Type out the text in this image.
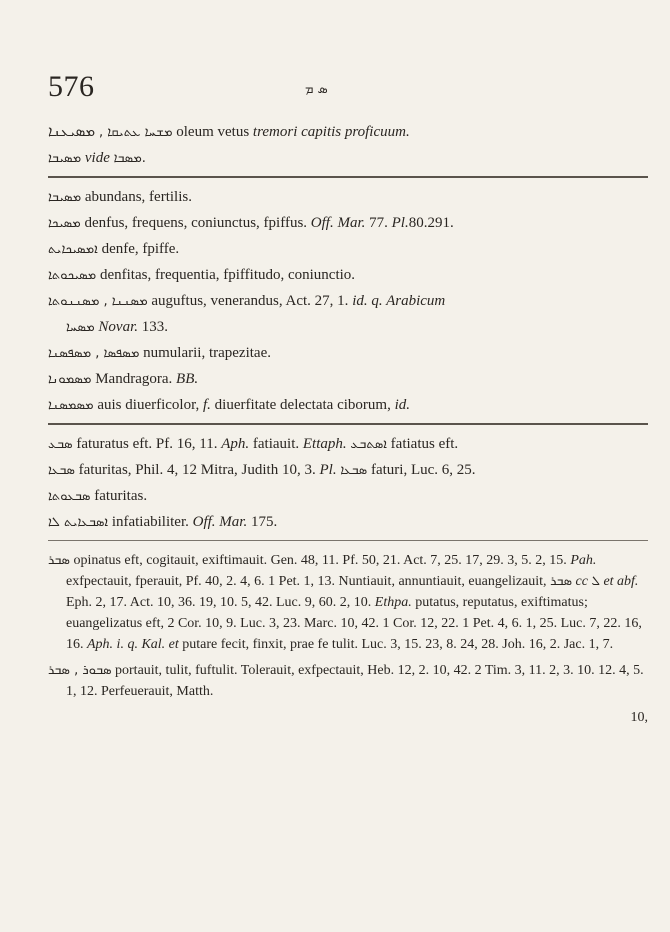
576	ܣ ܡ
ܡܫܚܐ ܥܬܝܩܐ , ܡܣܝܥܢܐ oleum vetus tremori capitis proficuum.
ܡܣܝܒܐ vide ܡܣܒܐ.
ܡܣܝܒܐ abundans, fertilis.
ܡܣܝܟܐ denfus, frequens, coniunctus, fpiffus. Off. Mar. 77. Pl.80.291.
ܐܡܣܝܟܐܝܬ denfe, fpiffe.
ܡܣܝܟܘܬܐ denfitas, frequentia, fpiffitudo, coniunctio.
ܡܣܢܢܐ , ܡܣܢܢܘܬܐ auguftus, venerandus, Act. 27, 1. id. q. Arabicum
ܡܣܚܐ Novar. 133.
ܡܣܦܣܐ , ܡܣܦܣܢܐ numularii, trapezitae.
ܡܣܡܘܢܐ Mandragora. BB.
ܡܣܡܣܢܐ auis diuerficolor, f. diuerfitate delectata ciborum, id.
ܣܒܥ faturatus eft. Pf. 16, 11. Aph. fatiauit. Ettaph. ܐܣܬܒܥ fatiatus eft.
ܣܒܥܐ faturitas, Phil. 4, 12 Mitra, Judith 10, 3. Pl. ܣܒܥܐ faturi, Luc. 6, 25.
ܣܒܥܘܬܐ faturitas.
ܐܣܒܥܐܝܬ ܠܐ infatiabiliter. Off. Mar. 175.
ܣܒܪ opinatus eft, cogitauit, exiftimauit. Gen. 48, 11. Pf. 50, 21. Act. 7, 25. 17, 29. 3, 5. 2, 15. Pah. exfpectauit, fperauit, Pf. 40, 2. 4, 6. 1 Pet. 1, 13. Nuntiauit, annuntiauit, euangelizauit, ܣܒܪ cc ܠ et abf. Eph. 2, 17. Act. 10, 36. 19, 10. 5, 42. Luc. 9, 60. 2, 10. Ethpa. putatus, reputatus, exiftimatus; euangelizatus eft, 2 Cor. 10, 9. Luc. 3, 23. Marc. 10, 42. 1 Cor. 12, 22. 1 Pet. 4, 6. 1, 25. Luc. 7, 22. 16, 16. Aph. i. q. Kal. et putare fecit, finxit, prae fe tulit. Luc. 3, 15. 23, 8. 24, 28. Joh. 16, 2. Jac. 1, 7.
ܣܒܘܪ , ܣܒܪ portauit, tulit, fuftulit. Tolerauit, exfpectauit, Heb. 12, 2. 10, 42. 2 Tim. 3, 11. 2, 3. 10. 12. 4, 5. 1, 12. Perfeuerauit, Matth.
10,
